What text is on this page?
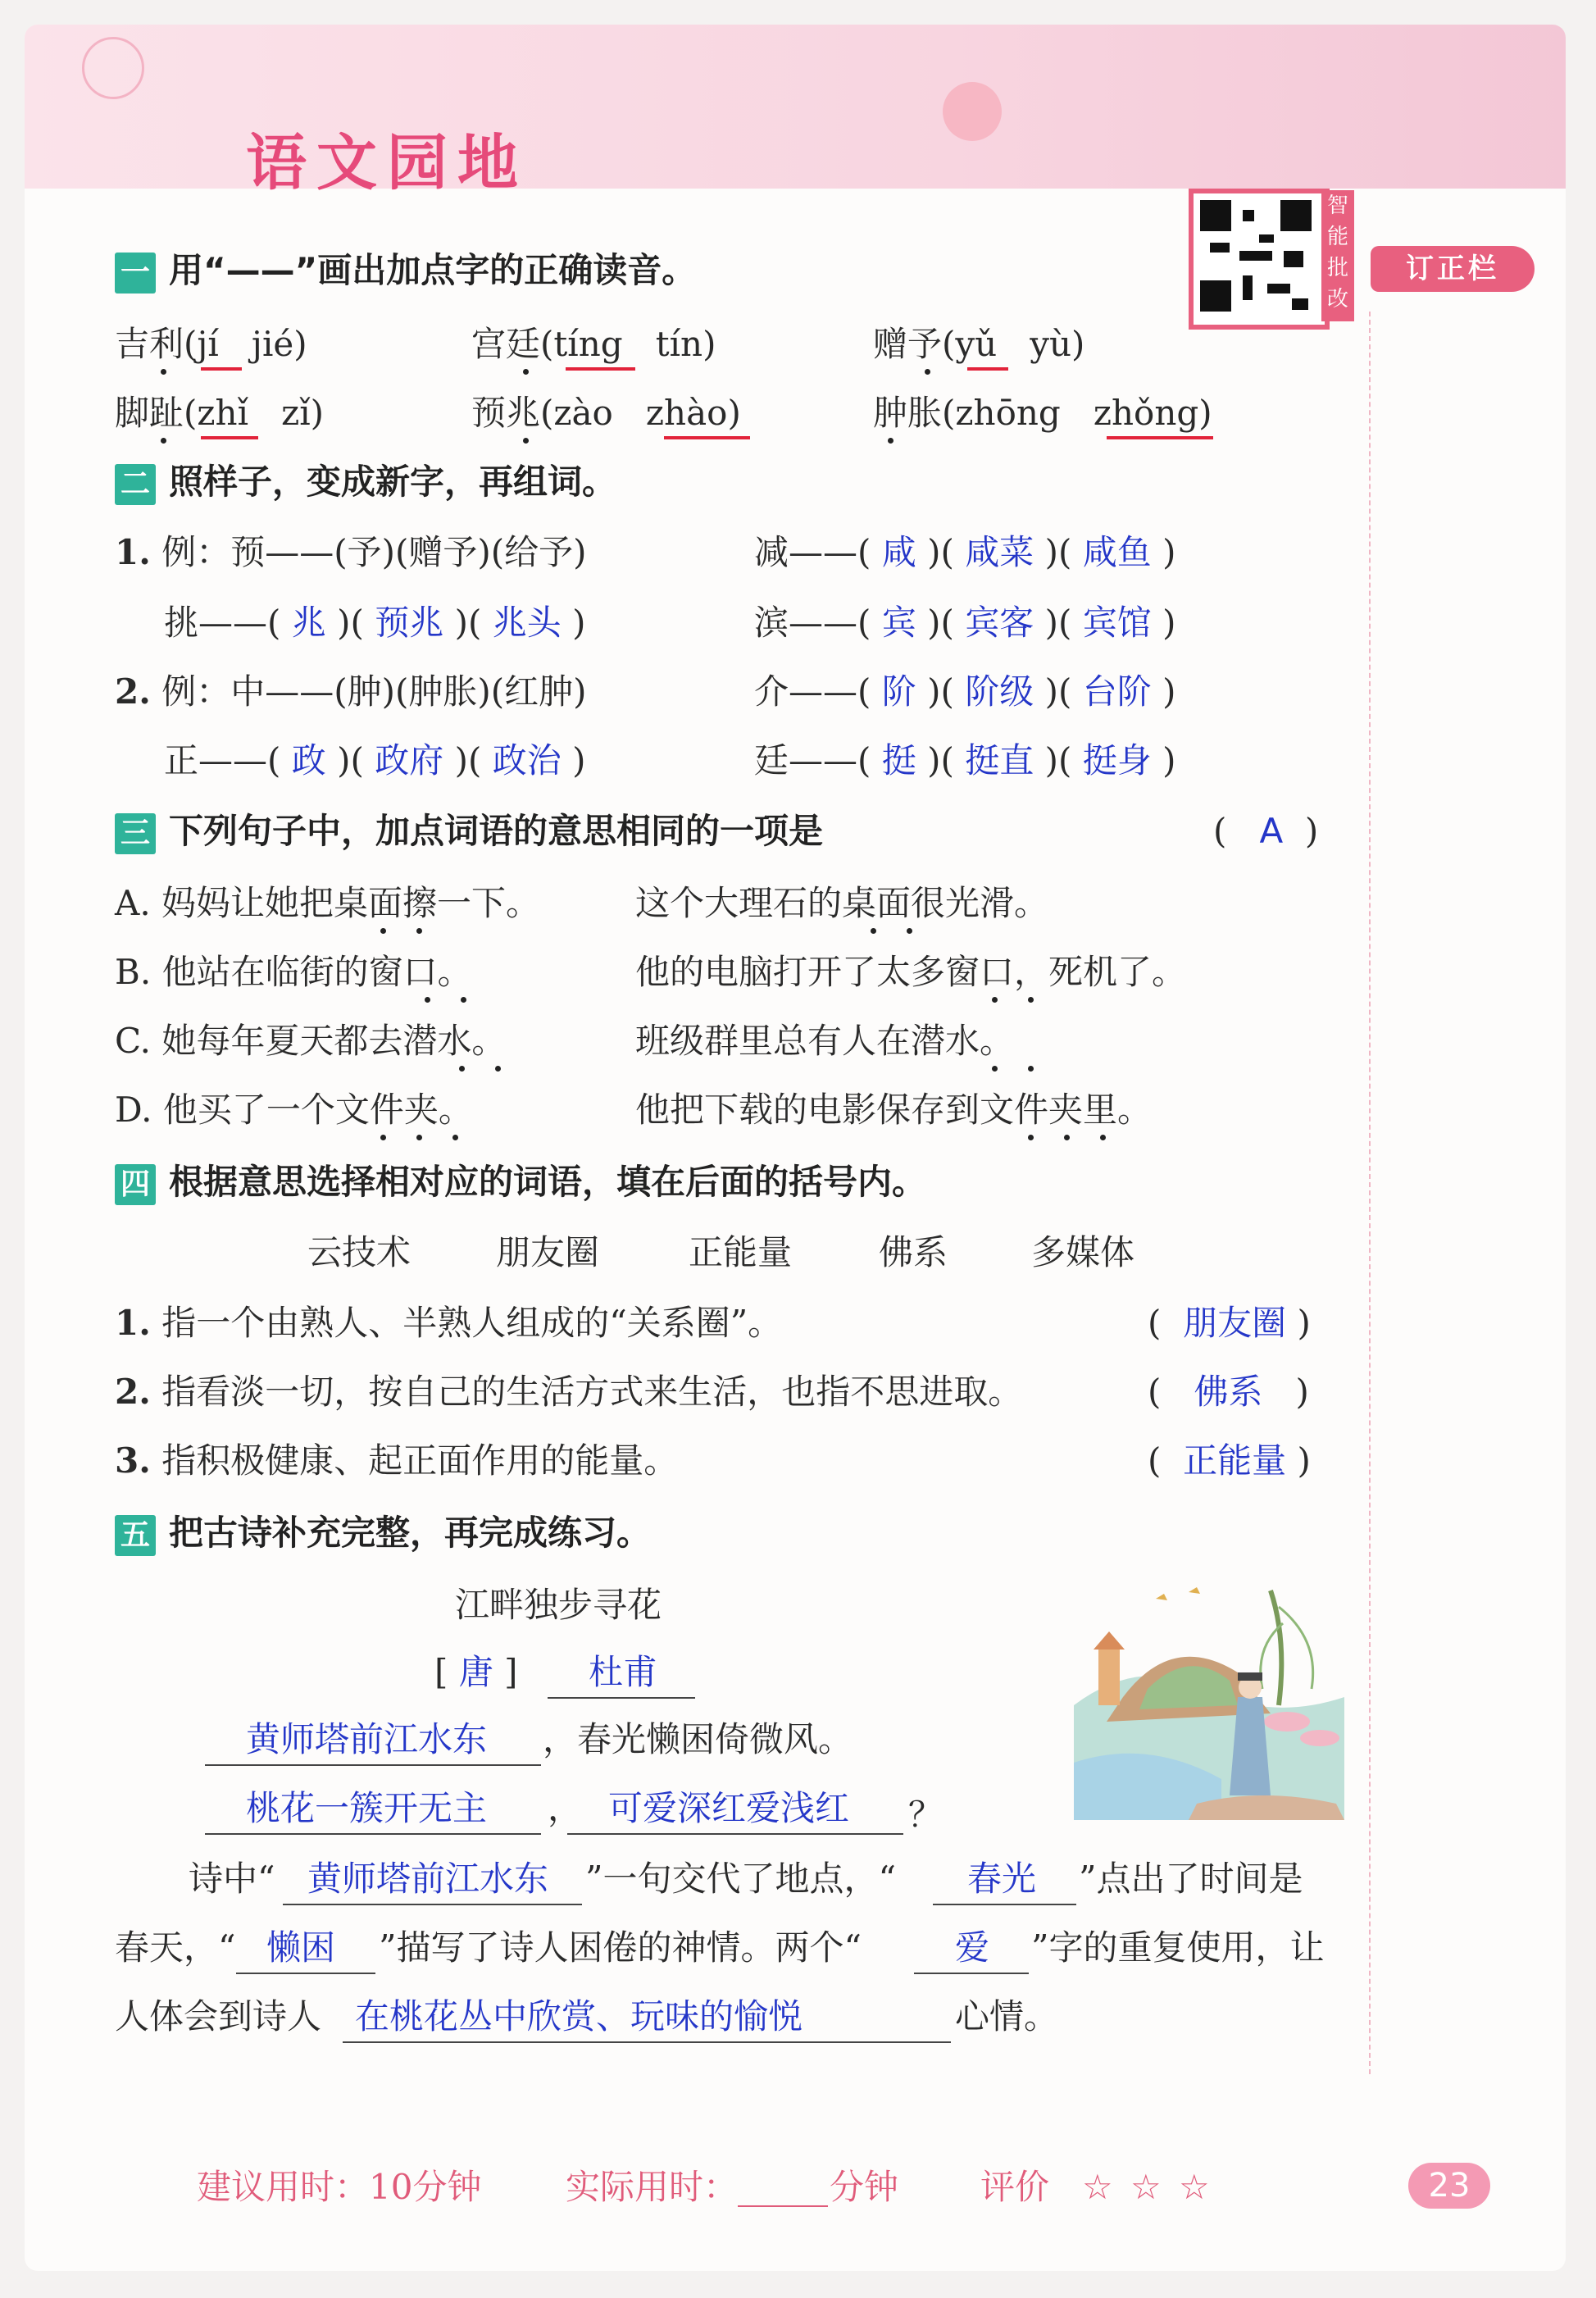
语文园地
智能批改
订正栏
一 用“——”画出加点字的正确读音。
吉利(jí jié)	宫廷(tíng tín)	赠予(yǔ yù)
脚趾(zhǐ zǐ)	预兆(zào zhào)	肿胀(zhōng zhǒng)
二 照样子，变成新字，再组词。
1. 例：预——(予)(赠予)(给予)	减——( 咸 )( 咸菜 )( 咸鱼 )
挑——( 兆 )( 预兆 )( 兆头 )	滨——( 宾 )( 宾客 )( 宾馆 )
2. 例：中——(肿)(肿胀)(红肿)	介——( 阶 )( 阶级 )( 台阶 )
正——( 政 )( 政府 )( 政治 )	廷——( 挺 )( 挺直 )( 挺身 )
三 下列句子中，加点词语的意思相同的一项是	(   A  )
A. 妈妈让她把桌面擦一下。	这个大理石的桌面很光滑。
B. 他站在临街的窗口。	他的电脑打开了太多窗口，死机了。
C. 她每年夏天都去潜水。	班级群里总有人在潜水。
D. 他买了一个文件夹。	他把下载的电影保存到文件夹里。
四 根据意思选择相对应的词语，填在后面的括号内。
云技术 朋友圈	正能量	佛系 多媒体
1. 指一个由熟人、半熟人组成的“关系圈”。	(  朋友圈 )
2. 指看淡一切，按自己的生活方式来生活，也指不思进取。	(   佛系   )
3. 指积极健康、起正面作用的能量。	(  正能量 )
五 把古诗补充完整，再完成练习。
江畔独步寻花
[ 唐 ] 杜甫
黄师塔前江水东 ，春光懒困倚微风。
桃花一簇开无主 ， 可爱深红爱浅红 ？
诗中“ 黄师塔前江水东 ”一句交代了地点，“ 春光 ”点出了时间是
春天，“ 懒困 ”描写了诗人困倦的神情。两个“	爱 ”字的重复使用，让
人体会到诗人 在桃花丛中欣赏、玩味的愉悦	心情。
建议用时：10分钟 实际用时：	分钟 评价 ☆ ☆ ☆	23
